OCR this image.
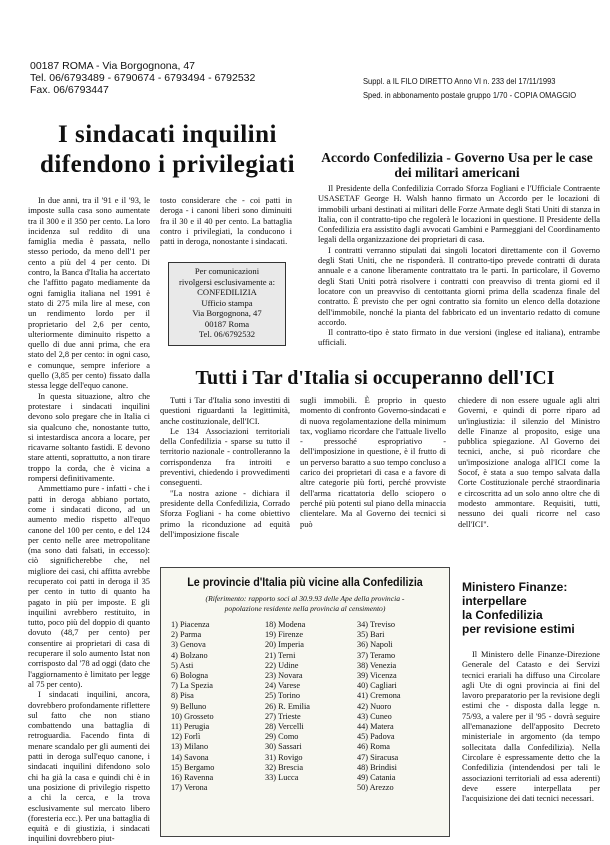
00187 ROMA - Via Borgognona, 47
Tel. 06/6793489 - 6790674 - 6793494 - 6792532
Fax. 06/6793447
Suppl. a IL FILO DIRETTO Anno VI n. 233 del 17/11/1993
Sped. in abbonamento postale gruppo 1/70 - COPIA OMAGGIO
I sindacati inquilini difendono i privilegiati

In due anni, tra il '91 e il '93, le imposte sulla casa sono aumentate tra il 300 e il 350 per cento. La loro incidenza sul reddito di una famiglia media è passata, nello stesso periodo, da meno dell'1 per cento a più del 4 per cento. Di contro, la Banca d'Italia ha accertato che l'affitto pagato mediamente da ogni famiglia italiana nel 1991 è stato di 275 mila lire al mese, con un rendimento lordo per il proprietario del 2,6 per cento, ulteriormente diminuito rispetto a quello di due anni prima, che era stato del 2,8 per cento: in ogni caso, e comunque, sempre inferiore a quello (3,85 per cento) fissato dalla stessa legge dell'equo canone.

In questa situazione, altro che protestare i sindacati inquilini devono solo pregare che in Italia ci sia qualcuno che, nonostante tutto, si intestardisca ancora a locare, per ricavarne soltanto fastidi. E devono stare attenti, soprattutto, a non tirare troppo la corda, che è vicina a rompersi definitivamente.

Ammettiamo pure - infatti - che i patti in deroga abbiano portato, come i sindacati dicono, ad un aumento medio rispetto all'equo canone del 100 per cento, e del 124 per cento nelle aree metropolitane (ma sono dati falsati, in eccesso): ciò significherebbe che, nel migliore dei casi, chi affitta avrebbe recuperato coi patti in deroga il 35 per cento in tutto di quanto ha pagato in più per imposte. E gli inquilini avrebbero restituito, in tutto, poco più del doppio di quanto dovuto (48,7 per cento) per consentire ai proprietari di casa di recuperare il solo aumento Istat non corrisposto dal '78 ad oggi (dato che l'aggiornamento è limitato per legge al 75 per cento).

I sindacati inquilini, ancora, dovrebbero profondamente riflettere sul fatto che non stiano combattendo una battaglia di retroguardia. Facendo finta di menare scandalo per gli aumenti dei patti in deroga sull'equo canone, i sindacati inquilini difendono solo chi ha già la casa e quindi chi è in una posizione di privilegio rispetto a chi la cerca, e la trova esclusivamente sul mercato libero (foresteria ecc.). Per una battaglia di equità e di giustizia, i sindacati inquilini dovrebbero piut-

tosto considerare che - coi patti in deroga - i canoni liberi sono diminuiti fra il 30 e il 40 per cento. La battaglia contro i privilegiati, la conducono i patti in deroga, nonostante i sindacati.

Per comunicazioni
rivolgersi esclusivamente a:
CONFEDILIZIA
Ufficio stampa
Via Borgognona, 47
00187 Roma
Tel. 06/6792532
Accordo Confedilizia - Governo Usa per le case dei militari americani

Il Presidente della Confedilizia Corrado Sforza Fogliani e l'Ufficiale Contraente USASETAF George H. Walsh hanno firmato un Accordo per le locazioni di immobili urbani destinati ai militari delle Forze Armate degli Stati Uniti di stanza in Italia, con il contratto-tipo che regolerà le locazioni in questione. Il Presidente della Confedilizia era assistito dagli avvocati Gambini e Parmeggiani del Coordinamento legali della organizzazione dei proprietari di casa.

I contratti verranno stipulati dai singoli locatori direttamente con il Governo degli Stati Uniti, che ne risponderà. Il contratto-tipo prevede contratti di durata annuale e a canone liberamente contrattato tra le parti. In particolare, il Governo degli Stati Uniti potrà risolvere i contratti con preavviso di trenta giorni ed il locatore con un preavviso di centottanta giorni prima della scadenza finale del contratto. È previsto che per ogni contratto sia fornito un elenco della dotazione dell'immobile, nonché la pianta del fabbricato ed un inventario redatto di comune accordo.

Il contratto-tipo è stato firmato in due versioni (inglese ed italiana), entrambe ufficiali.

Tutti i Tar d'Italia si occuperanno dell'ICI

Tutti i Tar d'Italia sono investiti di questioni riguardanti la legittimità, anche costituzionale, dell'ICI.

Le 134 Associazioni territoriali della Confedilizia - sparse su tutto il territorio nazionale - controlleranno la corrispondenza fra introiti e preventivi, chiedendo i provvedimenti conseguenti.

"La nostra azione - dichiara il presidente della Confedilizia, Corrado Sforza Fogliani - ha come obiettivo primo la riconduzione ad equità dell'imposizione fiscale

sugli immobili. È proprio in questo momento di confronto Governo-sindacati e di nuova regolamentazione della minimum tax, vogliamo ricordare che l'attuale livello - pressoché espropriativo - dell'imposizione in questione, è il frutto di un perverso baratto a suo tempo concluso a carico dei proprietari di casa e a favore di altre categorie più forti, perché provviste dell'arma ricattatoria dello sciopero o perché più potenti sul piano della minaccia clientelare. Ma al Governo dei tecnici si può

chiedere di non essere uguale agli altri Governi, e quindi di porre riparo ad un'ingiustizia: il silenzio del Ministro delle Finanze al proposito, esige una pubblica spiegazione. Al Governo dei tecnici, anche, si può ricordare che un'imposizione analoga all'ICI come la Socof, è stata a suo tempo salvata dalla Corte Costituzionale perché straordinaria e circoscritta ad un solo anno oltre che di modesto ammontare. Requisiti, tutti, nessuno dei quali ricorre nel caso dell'ICI".

Le provincie d'Italia più vicine alla Confedilizia
(Riferimento: rapporto soci al 30.9.93 delle Ape della provincia -
popolazione residente nella provincia al censimento)
1) Piacenza
2) Parma
3) Genova
4) Bolzano
5) Asti
6) Bologna
7) La Spezia
8) Pisa
9) Belluno
10) Grosseto
11) Perugia
12) Forlì
13) Milano
14) Savona
15) Bergamo
16) Ravenna
17) Verona
18) Modena
19) Firenze
20) Imperia
21) Terni
22) Udine
23) Novara
24) Varese
25) Torino
26) R. Emilia
27) Trieste
28) Vercelli
29) Como
30) Sassari
31) Rovigo
32) Brescia
33) Lucca
34) Treviso
35) Bari
36) Napoli
37) Teramo
38) Venezia
39) Vicenza
40) Cagliari
41) Cremona
42) Nuoro
43) Cuneo
44) Matera
45) Padova
46) Roma
47) Siracusa
48) Brindisi
49) Catania
50) Arezzo
Ministero Finanze:
interpellare
la Confedilizia
per revisione estimi

Il Ministero delle Finanze-Direzione Generale del Catasto e dei Servizi tecnici erariali ha diffuso una Circolare agli Ute di ogni provincia ai fini del lavoro preparatorio per la revisione degli estimi che - disposta dalla legge n. 75/93, a valere per il '95 - dovrà seguire all'emanazione dell'apposito Decreto ministeriale in argomento (da tempo sollecitata dalla Confedilizia). Nella Circolare è espressamente detto che la Confedilizia (intendendosi per tali le associazioni territoriali ad essa aderenti) deve essere interpellata per l'acquisizione dei dati tecnici necessari.
